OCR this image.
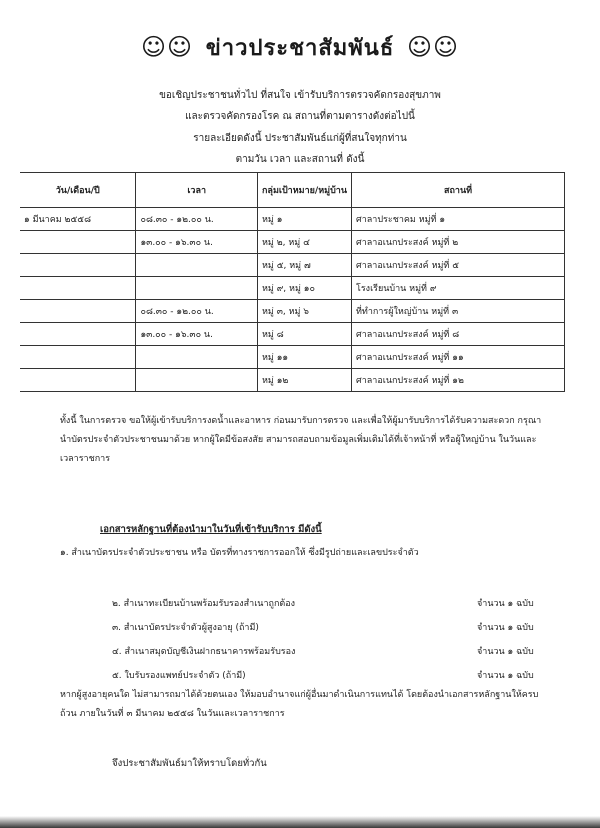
☺☺ ข่าวประชาสัมพันธ์ ☺☺
ขอเชิญประชาชนทั่วไป ที่สนใจ เข้ารับบริการตรวจคัดกรองสุขภาพ
และตรวจคัดกรองโรค ณ สถานที่ตามตารางดังต่อไปนี้
รายละเอียดดังนี้ ประชาสัมพันธ์แก่ผู้ที่สนใจทุกท่าน
ตามวัน เวลา และสถานที่ ดังนี้
วัน/เดือน/ปี	เวลา	กลุ่มเป้าหมาย/หมู่บ้าน	สถานที่
๑ มีนาคม ๒๕๕๘	๐๘.๓๐ - ๑๒.๐๐ น.	หมู่ ๑	ศาลาประชาคม หมู่ที่ ๑
	๑๓.๐๐ - ๑๖.๓๐ น.	หมู่ ๒, หมู่ ๔	ศาลาอเนกประสงค์ หมู่ที่ ๒
		หมู่ ๕, หมู่ ๗	ศาลาอเนกประสงค์ หมู่ที่ ๕
		หมู่ ๙, หมู่ ๑๐	โรงเรียนบ้าน หมู่ที่ ๙
	๐๘.๓๐ - ๑๒.๐๐ น.	หมู่ ๓, หมู่ ๖	ที่ทำการผู้ใหญ่บ้าน หมู่ที่ ๓
	๑๓.๐๐ - ๑๖.๓๐ น.	หมู่ ๘	ศาลาอเนกประสงค์ หมู่ที่ ๘
		หมู่ ๑๑	ศาลาอเนกประสงค์ หมู่ที่ ๑๑
		หมู่ ๑๒	ศาลาอเนกประสงค์ หมู่ที่ ๑๒
ทั้งนี้ ในการตรวจ ขอให้ผู้เข้ารับบริการงดน้ำและอาหาร ก่อนมารับการตรวจ และเพื่อให้ผู้มารับบริการได้รับความสะดวก กรุณานำบัตรประจำตัวประชาชนมาด้วย หากผู้ใดมีข้อสงสัย สามารถสอบถามข้อมูลเพิ่มเติมได้ที่เจ้าหน้าที่ หรือผู้ใหญ่บ้าน ในวันและเวลาราชการ
เอกสารหลักฐานที่ต้องนำมาในวันที่เข้ารับบริการ มีดังนี้
๑. สำเนาบัตรประจำตัวประชาชน หรือ บัตรที่ทางราชการออกให้ ซึ่งมีรูปถ่ายและเลขประจำตัว
๒. สำเนาทะเบียนบ้านพร้อมรับรองสำเนาถูกต้อง	จำนวน ๑ ฉบับ
๓. สำเนาบัตรประจำตัวผู้สูงอายุ (ถ้ามี)	จำนวน ๑ ฉบับ
๔. สำเนาสมุดบัญชีเงินฝากธนาคารพร้อมรับรอง	จำนวน ๑ ฉบับ
๕. ใบรับรองแพทย์ประจำตัว (ถ้ามี)	จำนวน ๑ ฉบับ
หากผู้สูงอายุคนใด ไม่สามารถมาได้ด้วยตนเอง ให้มอบอำนาจแก่ผู้อื่นมาดำเนินการแทนได้ โดยต้องนำเอกสารหลักฐานให้ครบถ้วน ภายในวันที่ ๓ มีนาคม ๒๕๕๘ ในวันและเวลาราชการ
จึงประชาสัมพันธ์มาให้ทราบโดยทั่วกัน
